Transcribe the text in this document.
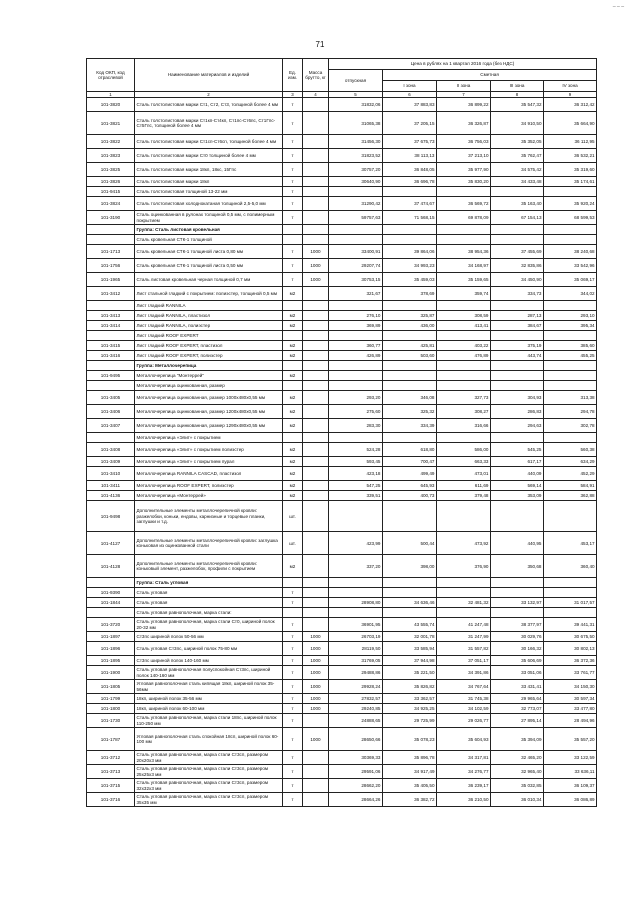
_ _ _
71
Код ОКП, код отраслевой	Наименование материалов и изделий	Ед. изм.	Масса брутто, кг	Цена в рублях на 1 квартал 2016 года (без НДС)				
				отпускная	Сметная			
					I зона	II зона	III зона	IV зона
1	2	3	4	5	6	7	8	9
101-3820	Сталь толстолистовая марки Ст1, Ст2, Ст3, толщиной более 4 мм	т		31832,06	37 883,83	36 899,22	35 547,32	36 312,42
101-3821	Сталь толстолистовая марки Ст1кп-Ст4кп, Ст1пс-Ст6пс, Ст1Гпс-Ст5Гпс, толщиной более 4 мм	т		31065,38	37 205,15	36 326,87	34 910,50	35 664,90
101-3822	Сталь толстолистовая марки Ст1сп-Ст6сп, толщиной более 4 мм	т		31456,30	37 675,73	36 756,03	35 352,05	36 112,95
101-3823	Сталь толстолистовая марки Ст0 толщиной более 4 мм	т		31823,52	38 113,13	37 213,10	35 762,47	36 532,21
101-3825	Сталь толстолистовая марки 18кп, 18кс, 15Гпс	т		30757,20	36 848,05	35 977,90	34 575,42	35 319,60
101-3826	Сталь толстолистовая марки 18кп	т		30640,90	36 696,78	35 830,20	34 433,48	35 174,61
101-9415	Сталь толстолистовая толщиной 13-22 мм	т						
101-3824	Сталь толстолистовая холоднокатаная толщиной 2,5-5,0 мм	т		31290,42	37 474,67	36 569,72	35 163,40	35 920,24
101-3190	Сталь оцинкованная в рулонах толщиной 0,5 мм, с полимерным покрытием	т		59757,63	71 568,15	69 878,09	67 154,13	68 599,53
	Группа: Сталь листовая кровельная							
	Сталь кровельная СТК-1 толщиной							
101-1713	Сталь кровельная СТК-1 толщиной листа 0,80 мм	т	1000	33400,91	39 864,06	38 954,36	37 455,69	38 240,68
101-1756	Сталь кровельная СТК-1 толщиной листа 0,50 мм	т	1000	29207,74	34 993,23	34 168,97	32 835,86	33 542,96
101-1965	Сталь листовая кровельная черная толщиной 0,7 мм	т	1000	30753,15	35 459,03	35 159,65	34 450,90	35 069,17
101-3412	Лист стальной гладкий с покрытием: полиэстер, толщиной 0,5 мм	м2		321,67	378,69	359,74	334,73	344,02
	Лист гладкий RANNILA							
101-3413	Лист гладкий RANNILA, пластизол	м2		276,10	325,87	308,59	287,13	293,10
101-3414	Лист гладкий RANNILA, полиэстер	м2		369,89	436,00	413,41	384,67	395,34
	Лист гладкий ROOF EXPERT							
101-3415	Лист гладкий ROOF EXPERT, пластизол	м2		360,77	425,81	403,22	375,19	385,60
101-3416	Лист гладкий ROOF EXPERT, полиэстер	м2		426,89	503,60	476,89	443,74	455,25
	Группа: Металлочерепица							
101-9495	Металлочерепица "Монтеррей"	м2						
	Металлочерепица оцинкованная, размер							
101-3405	Металлочерепица оцинкованная, размер 1000х480х0,55 мм	м2		293,20	346,08	327,73	304,93	313,38
101-3406	Металлочерепица оцинкованная, размер 1200х480х0,55 мм	м2		275,60	325,32	308,27	286,83	294,78
101-3407	Металлочерепица оцинкованная, размер 1290х480х0,55 мм	м2		283,30	334,39	316,66	294,63	302,78
	Металлочерепица «Элит» с покрытием							
101-3408	Металлочерепица «Элит» с покрытием полиэстер	м2		524,28	618,80	586,00	545,25	560,38
101-3409	Металлочерепица «Элит» с покрытием пурал	м2		593,45	700,47	663,33	617,17	634,29
101-3410	Металлочерепица RANNILA CASCAD, пластизол	м2		423,18	499,49	473,01	440,09	452,29
101-3411	Металлочерепица ROOF EXPERT, полиэстер	м2		547,25	645,93	611,69	569,14	584,91
101-4136	Металлочерепица «Монтеррей»	м2		339,51	400,73	379,48	353,09	362,88
101-9498	Дополнительные элементы металлочерепичной кровли: разжелобки, коньки, ендовы, карнизные и торцевые планки, заглушки и т.д.	шт.						
101-4127	Дополнительные элементы металлочерепичной кровли: заглушка коньковая из оцинкованной стали	шт.		423,99	500,44	473,92	440,95	453,17
101-4128	Дополнительные элементы металлочерепичной кровли: коньковый элемент, разжелобок, профили с покрытием	м2		337,20	398,00	376,90	350,68	360,40
	Группа: Сталь угловая							
101-9390	Сталь угловая	т						
101-1844	Сталь угловая	т		28908,80	34 636,46	32 481,32	33 132,97	31 017,57
	Сталь угловая равнополочная, марка стали:							
101-3720	Сталь угловая равнополочная, марка стали Ст0, шириной полок 20-32 мм	т		36901,95	43 555,74	41 247,48	38 377,97	39 441,31
101-1897	Ст3пс шириной полок 50-56 мм	т	1000	26703,19	32 001,78	31 247,99	30 029,76	30 675,50
101-1896	Сталь угловая Ст3пс, шириной полок 75-80 мм	т	1000	28119,50	33 585,94	31 557,82	30 166,32	30 802,13
101-1895	Ст3пс шириной полок 140-160 мм	т	1000	31769,05	37 944,98	37 051,17	35 606,69	36 372,36
101-1900	Сталь угловая равнополочная полуспокойная Ст3пс, шириной полок 140-160 мм	т	1000	29488,86	35 221,50	34 391,86	33 051,06	33 761,77
101-1805	Угловая равнополочная сталь кипящая 18кп, шириной полок 35-56мм	т	1000	29928,24	35 826,82	34 767,64	33 431,41	34 150,30
101-1799	18кп, шириной полок 35-56 мм	т	1000	27832,57	33 362,57	31 745,38	29 965,64	30 597,34
101-1800	18кп, шириной полок 60-100 мм	т	1000	29240,85	34 925,25	34 102,59	32 773,07	33 477,80
101-1730	Сталь угловая равнополочная, марка стали 18пс, шириной полок 110-250 мм	т		24888,65	29 725,99	29 026,77	27 895,14	28 494,96
101-1787	Угловая равнополочная сталь спокойная 18сп, шириной полок 60-100 мм	т	1000	28650,66	35 078,23	35 604,93	35 394,09	35 557,20
101-3712	Сталь угловая равнополочная, марка стали Ст3сп, размером 20х20х3 мм	т		30369,33	35 896,78	34 317,81	32 465,20	33 122,59
101-3713	Сталь угловая равнополочная, марка стали Ст3сп, размером 25х25х3 мм	т		29591,06	34 917,49	34 276,77	32 965,40	33 636,11
101-3715	Сталь угловая равнополочная, марка стали Ст3сп, размером 32х32х3 мм	т		28662,20	35 405,50	36 239,17	35 032,85	36 109,37
101-3716	Сталь угловая равнополочная, марка стали Ст3сп, размером 35х35 мм	т		28664,26	36 382,72	36 210,50	36 010,34	36 086,89
